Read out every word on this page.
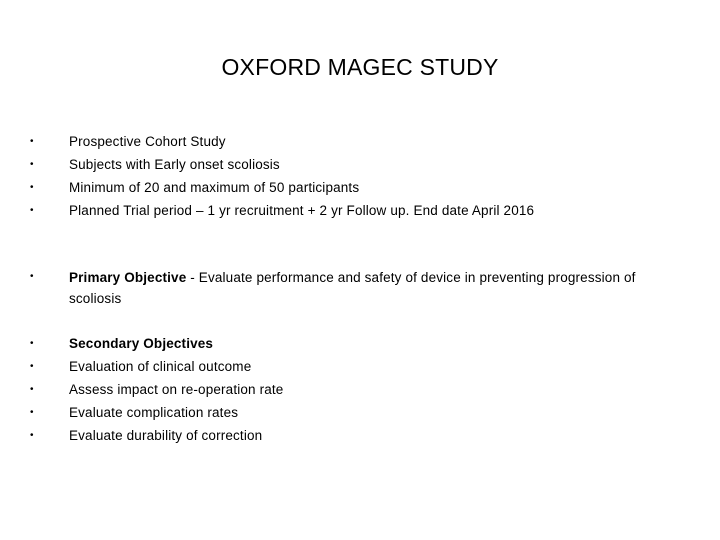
OXFORD MAGEC STUDY
•	Prospective Cohort Study
•	Subjects with Early onset scoliosis
•	Minimum of 20 and maximum of 50 participants
•	Planned Trial period – 1 yr recruitment + 2 yr Follow up. End date April 2016
•	Primary Objective - Evaluate performance and safety of device in preventing progression of scoliosis
•	Secondary Objectives
•	Evaluation of clinical outcome
•	Assess impact on re-operation rate
•	Evaluate complication rates
•	Evaluate durability of correction
